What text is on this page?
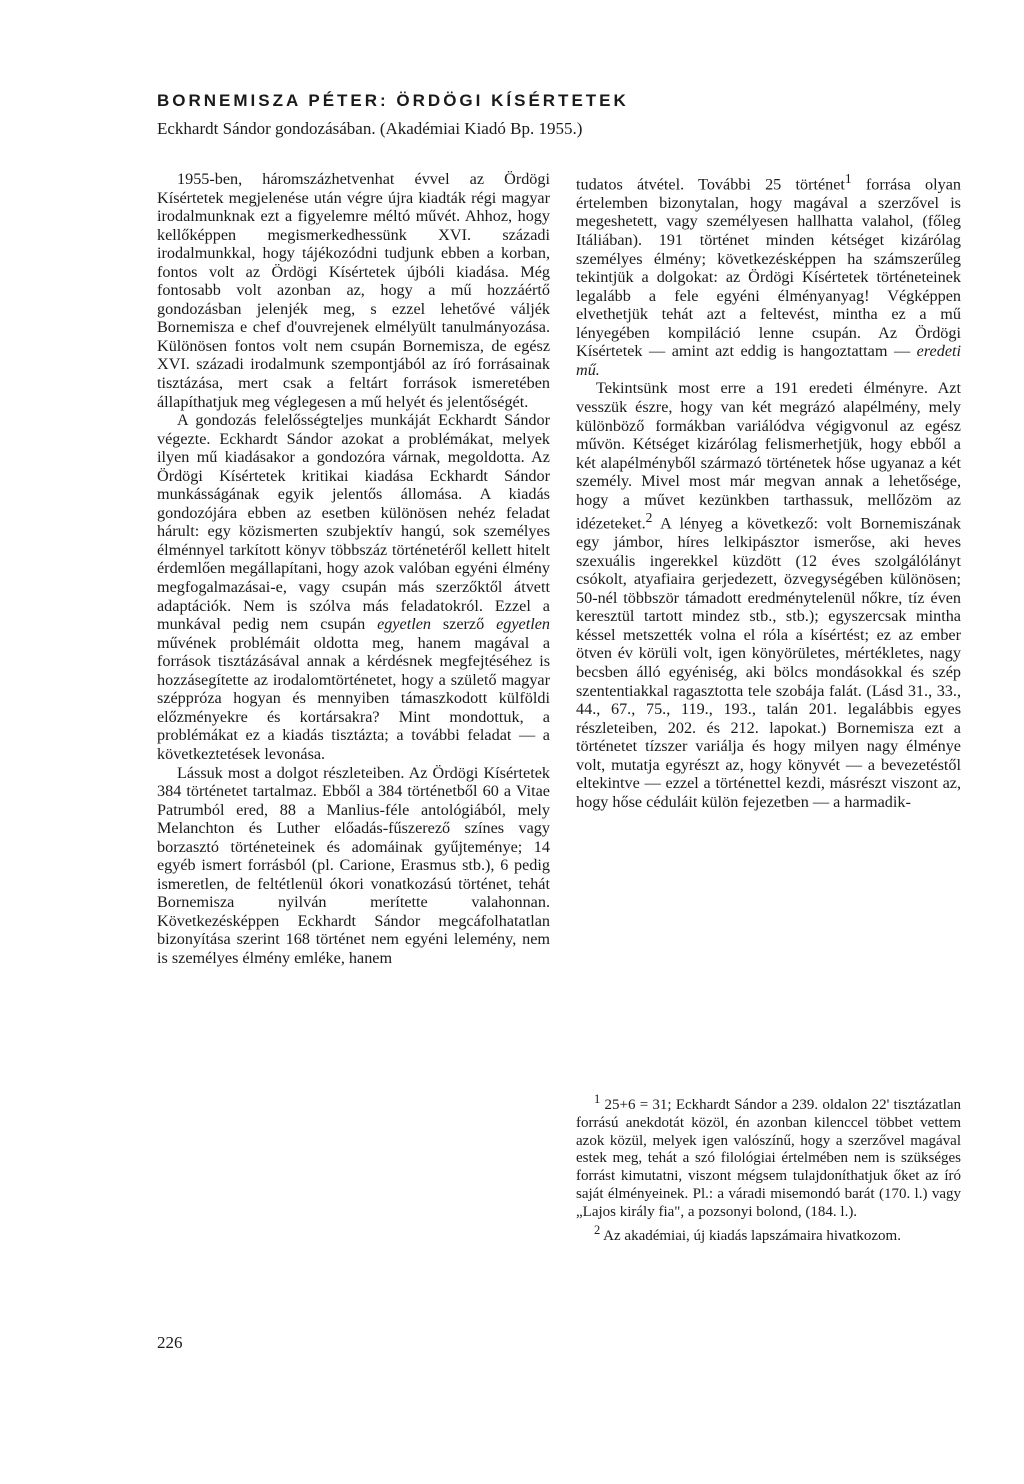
BORNEMISZA PÉTER: ÖRDÖGI KÍSÉRTETEK
Eckhardt Sándor gondozásában. (Akadémiai Kiadó Bp. 1955.)

1955-ben, háromszázhetvenhat évvel az Ördögi Kísértetek megjelenése után végre újra kiadták régi magyar irodalmunknak ezt a figyelemre méltó művét. Ahhoz, hogy kellőképpen megismerkedhessünk XVI. századi irodalmunkkal, hogy tájékozódni tudjunk ebben a korban, fontos volt az Ördögi Kísértetek újbóli kiadása. Még fontosabb volt azonban az, hogy a mű hozzáértő gondozásban jelenjék meg, s ezzel lehetővé váljék Bornemisza e chef d'ouvrejenek elmélyült tanulmányozása. Különösen fontos volt nem csupán Bornemisza, de egész XVI. századi irodalmunk szempontjából az író forrásainak tisztázása, mert csak a feltárt források ismeretében állapíthatjuk meg véglegesen a mű helyét és jelentőségét.

A gondozás felelősségteljes munkáját Eckhardt Sándor végezte. Eckhardt Sándor azokat a problémákat, melyek ilyen mű kiadásakor a gondozóra várnak, megoldotta. Az Ördögi Kísértetek kritikai kiadása Eckhardt Sándor munkásságának egyik jelentős állomása. A kiadás gondozójára ebben az esetben különösen nehéz feladat hárult: egy közismerten szubjektív hangú, sok személyes élménnyel tarkított könyv többszáz történetéről kellett hitelt érdemlően megállapítani, hogy azok valóban egyéni élmény megfogalmazásai-e, vagy csupán más szerzőktől átvett adaptációk. Nem is szólva más feladatokról. Ezzel a munkával pedig nem csupán egyetlen szerző egyetlen művének problémáit oldotta meg, hanem magával a források tisztázásával annak a kérdésnek megfejtéséhez is hozzásegítette az irodalomtörténetet, hogy a születő magyar széppróza hogyan és mennyiben támaszkodott külföldi előzményekre és kortársakra? Mint mondottuk, a problémákat ez a kiadás tisztázta; a további feladat — a következtetések levonása.

Lássuk most a dolgot részleteiben. Az Ördögi Kísértetek 384 történetet tartalmaz. Ebből a 384 történetből 60 a Vitae Patrumból ered, 88 a Manlius-féle antológiából, mely Melanchton és Luther előadás-fűszerező színes vagy borzasztó történeteinek és adomáinak gyűjteménye; 14 egyéb ismert forrásból (pl. Carione, Erasmus stb.), 6 pedig ismeretlen, de feltétlenül ókori vonatkozású történet, tehát Bornemisza nyilván merítette valahonnan. Következésképpen Eckhardt Sándor megcáfolhatatlan bizonyítása szerint 168 történet nem egyéni lelemény, nem is személyes élmény emléke, hanem

tudatos átvétel. További 25 történet$^1$ forrása olyan értelemben bizonytalan, hogy magával a szerzővel is megeshetett, vagy személyesen hallhatta valahol, (főleg Itáliában). 191 történet minden kétséget kizárólag személyes élmény; következésképpen ha számszerűleg tekintjük a dolgokat: az Ördögi Kísértetek történeteinek legalább a fele egyéni élményanyag! Végképpen elvethetjük tehát azt a feltevést, mintha ez a mű lényegében kompiláció lenne csupán. Az Ördögi Kísértetek — amint azt eddig is hangoztattam — eredeti mű.

Tekintsünk most erre a 191 eredeti élményre. Azt vesszük észre, hogy van két megrázó alapélmény, mely különböző formákban variálódva végigvonul az egész művön. Kétséget kizárólag felismerhetjük, hogy ebből a két alapélményből származó történetek hőse ugyanaz a két személy. Mivel most már megvan annak a lehetősége, hogy a művet kezünkben tarthassuk, mellőzöm az idézeteket.$^2$ A lényeg a következő: volt Bornemiszának egy jámbor, híres lelkipásztor ismerőse, aki heves szexuális ingerekkel küzdött (12 éves szolgálólányt csókolt, atyafiaira gerjedezett, özvegységében különösen; 50-nél többször támadott eredménytelenül nőkre, tíz éven keresztül tartott mindez stb., stb.); egyszercsak mintha késsel metszették volna el róla a kísértést; ez az ember ötven év körüli volt, igen könyörületes, mértékletes, nagy becsben álló egyéniség, aki bölcs mondásokkal és szép szententiakkal ragasztotta tele szobája falát. (Lásd 31., 33., 44., 67., 75., 119., 193., talán 201. legalábbis egyes részleteiben, 202. és 212. lapokat.) Bornemisza ezt a történetet tízszer variálja és hogy milyen nagy élménye volt, mutatja egyrészt az, hogy könyvét — a bevezetéstől eltekintve — ezzel a történettel kezdi, másrészt viszont az, hogy hőse céduláit külön fejezetben — a harmadik-

$^1$ 25+6 = 31; Eckhardt Sándor a 239. oldalon 22' tisztázatlan forrású anekdotát közöl, én azonban kilenccel többet vettem azok közül, melyek igen valószínű, hogy a szerzővel magával estek meg, tehát a szó filológiai értelmében nem is szükséges forrást kimutatni, viszont mégsem tulajdoníthatjuk őket az író saját élményeinek. Pl.: a váradi misemondó barát (170. l.) vagy „Lajos király fia", a pozsonyi bolond, (184. l.).

$^2$ Az akadémiai, új kiadás lapszámaira hivatkozom.

226
